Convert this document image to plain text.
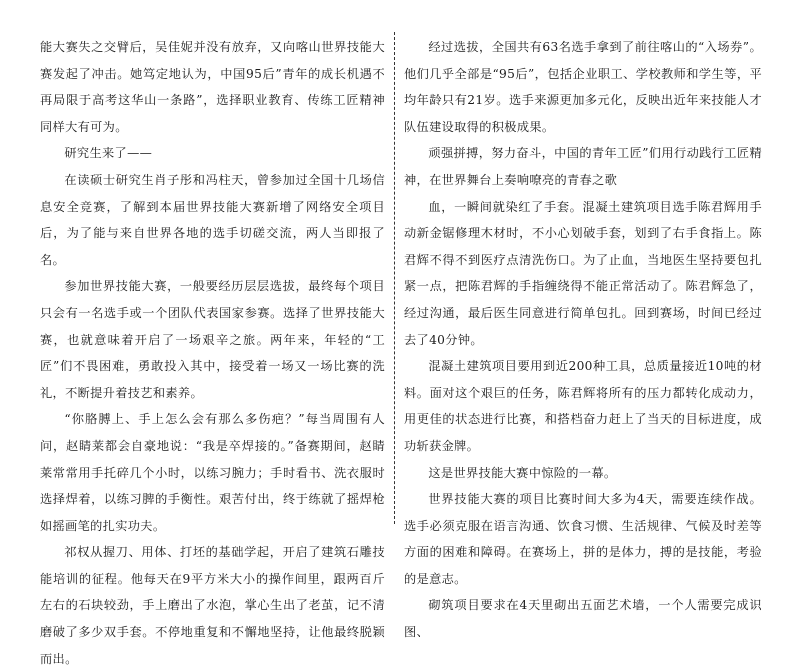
能大赛失之交臂后，吴佳妮并没有放弃，又向喀山世界技能大赛发起了冲击。她笃定地认为，中国95后”青年的成长机遇不再局限于高考这华山一条路”，选择职业教育、传练工匠精神同样大有可为。

研究生来了——

在读硕士研究生肖子彤和冯柱天，曾参加过全国十几场信息安全竞赛，了解到本届世界技能大赛新增了网络安全项目后，为了能与来自世界各地的选手切磋交流，两人当即报了名。

参加世界技能大赛，一般要经历层层选拔，最终每个项目只会有一名选手或一个团队代表国家参赛。选择了世界技能大赛，也就意味着开启了一场艰辛之旅。两年来，年轻的“工匠”们不畏困难，勇敢投入其中，接受着一场又一场比赛的洗礼，不断提升着技艺和素养。

“你胳膊上、手上怎么会有那么多伤疤？”每当周围有人问，赵睛莱都会自豪地说：“我是卒焊接的。”备赛期间，赵睛莱常常用手托碎几个小时，以练习腕力；手时看书、洗衣服时选择焊着，以练习脾的手衡性。艰苦付出，终于练就了摇焊枪如摇画笔的扎实功夫。

祁权从握刀、用体、打坯的基础学起，开启了建筑石雕技能培训的征程。他每天在9平方米大小的操作间里，跟两百斤左右的石块较劲，手上磨出了水泡，掌心生出了老茧，记不清磨破了多少双手套。不停地重复和不懈地坚持，让他最终脱颖而出。

经过选拔，全国共有63名选手拿到了前往喀山的“入场券”。他们几乎全部是“95后”，包括企业职工、学校教师和学生等，平均年龄只有21岁。选手来源更加多元化，反映出近年来技能人才队伍建设取得的积极成果。

顽强拼搏，努力奋斗，中国的青年工匠”们用行动践行工匠精神，在世界舞台上奏响嘹亮的青春之歌

血，一瞬间就染红了手套。混凝土建筑项目选手陈君辉用手动新金锯修理木材时，不小心划破手套，划到了右手食指上。陈君辉不得不到医疗点清洗伤口。为了止血，当地医生坚持要包扎紧一点，把陈君辉的手指缠绕得不能正常活动了。陈君辉急了，经过沟通，最后医生同意进行简单包扎。回到赛场，时间已经过去了40分钟。

混凝土建筑项目要用到近200种工具，总质量接近10吨的材料。面对这个艰巨的任务，陈君辉将所有的压力都转化成动力，用更佳的状态进行比赛，和搭档奋力赶上了当天的目标进度，成功斩获金牌。

这是世界技能大赛中惊险的一幕。

世界技能大赛的项目比赛时间大多为4天，需要连续作战。选手必须克服在语言沟通、饮食习惯、生活规律、气候及时差等方面的困难和障碍。在赛场上，拼的是体力，搏的是技能，考验的是意志。

砌筑项目要求在4天里砌出五面艺术墙，一个人需要完成识图、
